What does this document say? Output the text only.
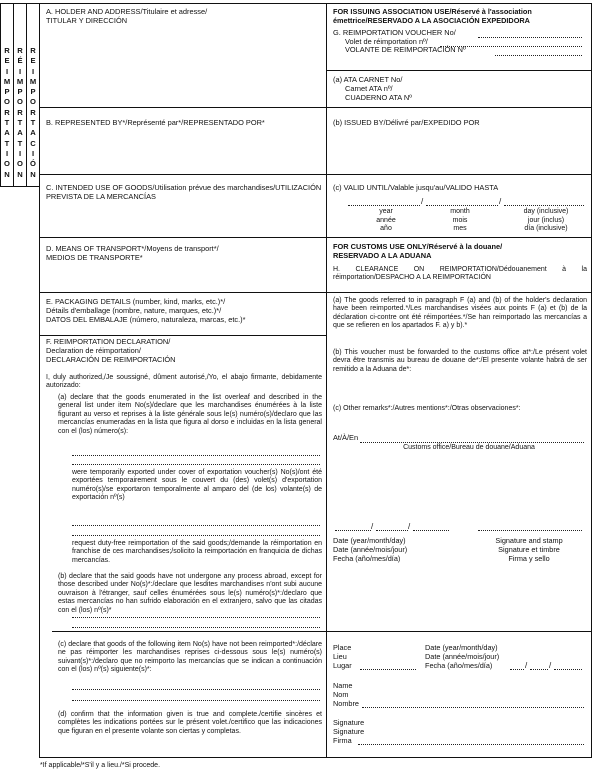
R
E
I
M
P
O
R
T
A
T
I
O
N
R
É
I
M
P
O
R
T
A
T
I
O
N
R
E
I
M
P
O
R
T
A
C
I
Ó
N
A. HOLDER AND ADDRESS/Titulaire et adresse/
TITULAR Y DIRECCIÓN
B. REPRESENTED BY*/Représenté par*/REPRESENTADO POR*
C. INTENDED USE OF GOODS/Utilisation prévue des marchandises/UTILIZACIÓN PREVISTA DE LA MERCANCÍAS
D. MEANS OF TRANSPORT*/Moyens de transport*/
MEDIOS DE TRANSPORTE*
E. PACKAGING DETAILS (number, kind, marks, etc.)*/
Détails d'emballage (nombre, nature, marques, etc.)*/
DATOS DEL EMBALAJE (número, naturaleza, marcas, etc.)*
F. REIMPORTATION DECLARATION/
Declaration de réimportation/
DECLARACIÓN DE REIMPORTACIÓN
I, duly authorized,/Je soussigné, dûment autorisé,/Yo, el abajo firmante, debidamente autorizado:
(a) declare that the goods enumerated in the list overleaf and described in the general list under item No(s)/declare que les marchandises énumérées à la liste figurant au verso et reprises à la liste générale sous le(s) numéro(s)/declaro que las mercancías enumeradas en la lista que figura al dorso e incluidas en la lista general con el (los) número(s):
were temporarily exported under cover of exportation voucher(s) No(s)/ont été exportées temporairement sous le couvert du (des) volet(s) d'exportation numéro(s)/se exportaron temporalmente al amparo del (de los) volante(s) de exportación nº(s)
request duty-free reimportation of the said goods;/demande la réimportation en franchise de ces marchandises;/solicito la reimportación en franquicia de dichas mercancías.
(b) declare that the said goods have not undergone any process abroad, except for those described under No(s)*:/declare que lesdites marchandises n'ont subi aucune ouvraison à l'étranger, sauf celles énumérées sous le(s) numéro(s)*:/declaro que estas mercancías no han sufrido elaboración en el extranjero, salvo que las citadas con el (los) nº(s)*
(c) declare that goods of the following item No(s) have not been reimported*:/déclare ne pas réimporter les marchandises reprises ci-dessous sous le(s) numéro(s) suivant(s)*:/declaro que no reimporto las mercancías que se indican a continuación con el (los) nº(s) siguiente(s)*:
(d) confirm that the information given is true and complete./certifie sincères et complètes les indications portées sur le présent volet./certifico que las indicaciones que figuran en el presente volante son ciertas y completas.
FOR ISSUING ASSOCIATION USE/Réservé à l'association émettrice/RESERVADO A LA ASOCIACIÓN EXPEDIDORA
G. REIMPORTATION VOUCHER No/
Volet de réimportation nº/
VOLANTE DE REIMPORTACIÓN Nº
(a) ATA CARNET No/
Carnet ATA nº/
CUADERNO ATA Nº
(b) ISSUED BY/Délivré par/EXPEDIDO POR
(c) VALID UNTIL/Valable jusqu'au/VALIDO HASTA
/	/
year
année
año
month
mois
mes
day (inclusive)
jour (inclus)
día (inclusive)
FOR CUSTOMS USE ONLY/Réservé à la douane/
RESERVADO A LA ADUANA
H. CLEARANCE ON REIMPORTATION/Dédouanement à la réimportation/DESPACHO A LA REIMPORTACIÓN
(a) The goods referred to in paragraph F (a) and (b) of the holder's declaration have been reimported.*/Les marchandises visées aux points F (a) et (b) de la déclaration ci-contre ont été réimportées.*/Se han reimportado las mercancías a que se refieren en los apartados F. a) y b).*
(b) This voucher must be forwarded to the customs office at*:/Le présent volet devra être transmis au bureau de douane de*:/El presente volante habrá de ser remitido a la Aduana de*:
(c) Other remarks*:/Autres mentions*:/Otras observaciones*:
At/À/En
Customs office/Bureau de douane/Aduana
/	/
Date (year/month/day)
Date (année/mois/jour)
Fecha (año/mes/día)
Signature and stamp
Signature et timbre
Firma y sello
Place
Lieu
Lugar
Date (year/month/day)
Date (année/mois/jour)
Fecha (año/mes/día)	/	/
Name
Nom
Nombre
Signature
Signature
Firma
*If applicable/*S'il y a lieu./*Si procede.
